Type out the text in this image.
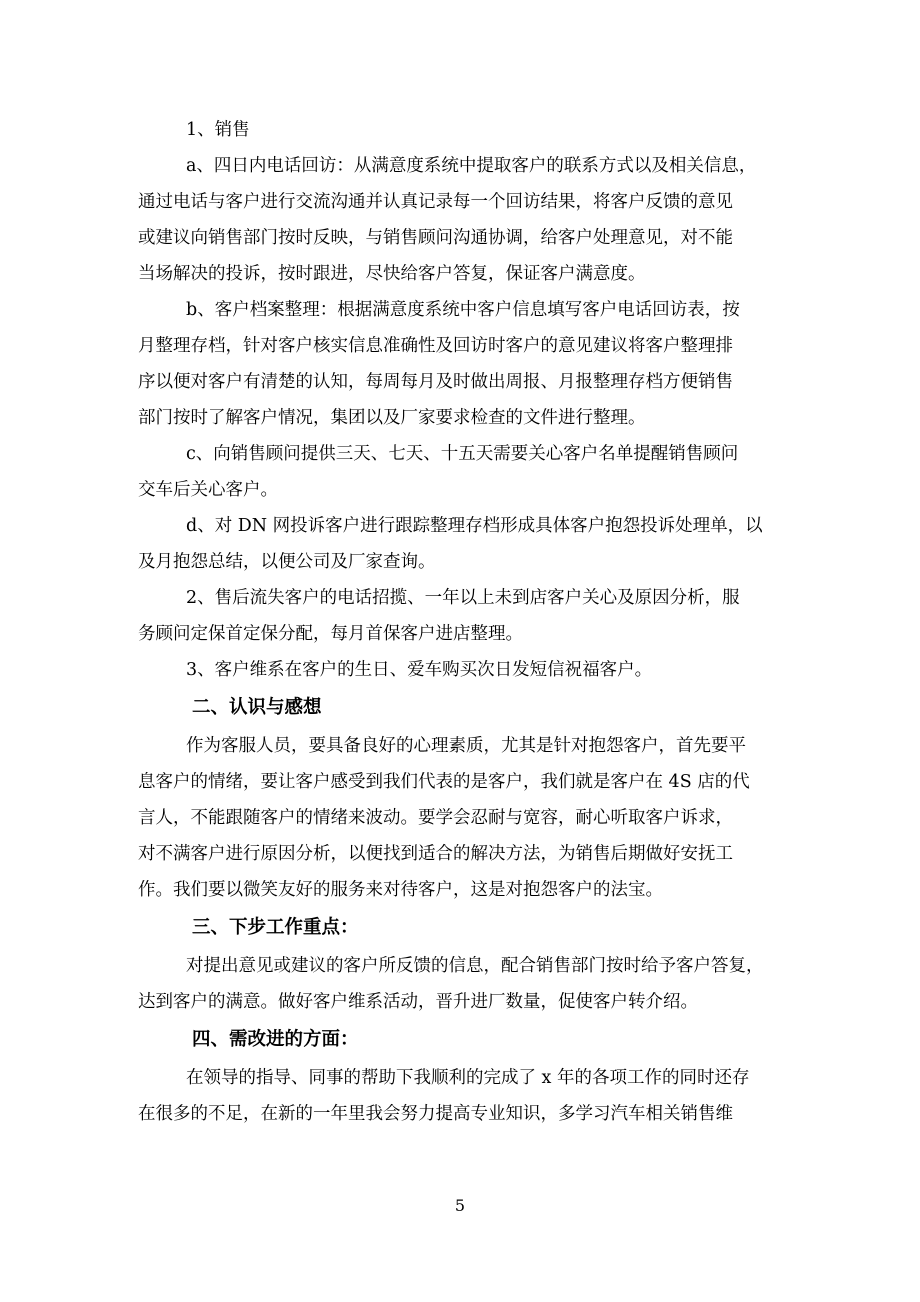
1、销售
a、四日内电话回访：从满意度系统中提取客户的联系方式以及相关信息，
通过电话与客户进行交流沟通并认真记录每一个回访结果，将客户反馈的意见
或建议向销售部门按时反映，与销售顾问沟通协调，给客户处理意见，对不能
当场解决的投诉，按时跟进，尽快给客户答复，保证客户满意度。
b、客户档案整理：根据满意度系统中客户信息填写客户电话回访表，按
月整理存档，针对客户核实信息准确性及回访时客户的意见建议将客户整理排
序以便对客户有清楚的认知，每周每月及时做出周报、月报整理存档方便销售
部门按时了解客户情况，集团以及厂家要求检查的文件进行整理。
c、向销售顾问提供三天、七天、十五天需要关心客户名单提醒销售顾问
交车后关心客户。
d、对 DN 网投诉客户进行跟踪整理存档形成具体客户抱怨投诉处理单，以
及月抱怨总结，以便公司及厂家查询。
2、售后流失客户的电话招揽、一年以上未到店客户关心及原因分析，服
务顾问定保首定保分配，每月首保客户进店整理。
3、客户维系在客户的生日、爱车购买次日发短信祝福客户。
二、认识与感想
作为客服人员，要具备良好的心理素质，尤其是针对抱怨客户，首先要平
息客户的情绪，要让客户感受到我们代表的是客户，我们就是客户在 4S 店的代
言人，不能跟随客户的情绪来波动。要学会忍耐与宽容，耐心听取客户诉求，
对不满客户进行原因分析，以便找到适合的解决方法，为销售后期做好安抚工
作。我们要以微笑友好的服务来对待客户，这是对抱怨客户的法宝。
三、下步工作重点：
对提出意见或建议的客户所反馈的信息，配合销售部门按时给予客户答复，
达到客户的满意。做好客户维系活动，晋升进厂数量，促使客户转介绍。
四、需改进的方面：
在领导的指导、同事的帮助下我顺利的完成了 x 年的各项工作的同时还存
在很多的不足，在新的一年里我会努力提高专业知识，多学习汽车相关销售维
5
